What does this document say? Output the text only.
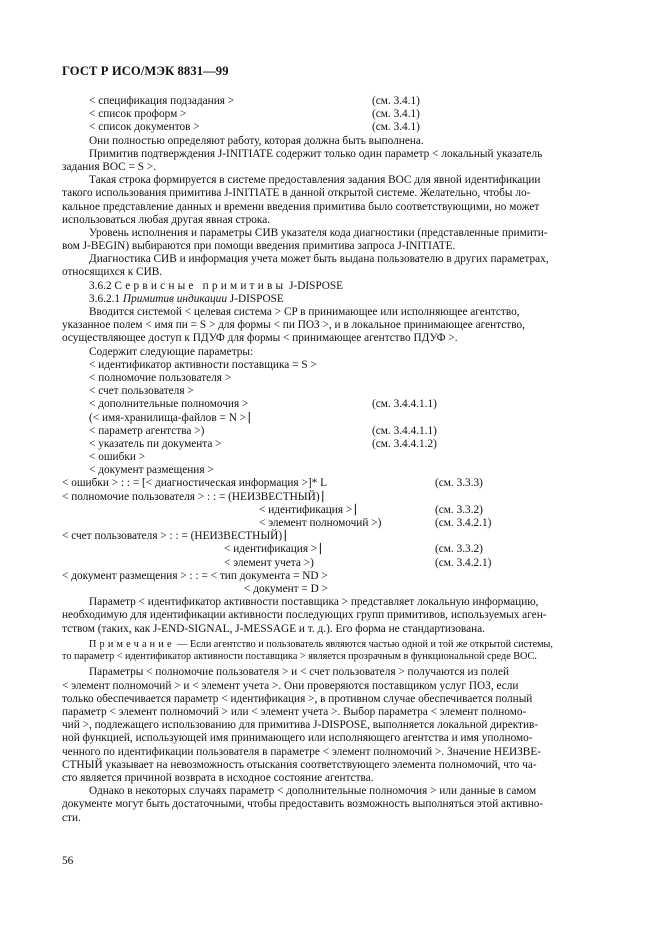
ГОСТ Р ИСО/МЭК 8831—99
< спецификация подзадания >	(см. 3.4.1)
< список проформ >	(см. 3.4.1)
< список документов >	(см. 3.4.1)
Они полностью определяют работу, которая должна быть выполнена.
Примитив подтверждения J-INITIATE содержит только один параметр < локальный указатель
задания ВОС = S >.
Такая строка формируется в системе предоставления задания ВОС для явной идентификации
такого использования примитива J-INITIATE в данной открытой системе. Желательно, чтобы ло-
кальное представление данных и времени введения примитива было соответствующими, но может
использоваться любая другая явная строка.
Уровень исполнения и параметры СИВ указателя кода диагностики (представленные примити-
вом J-BEGIN) выбираются при помощи введения примитива запроса J-INITIATE.
Диагностика СИВ и информация учета может быть выдана пользователю в других параметрах,
относящихся к СИВ.
3.6.2 Сервисные примитивы J-DISPOSE
3.6.2.1 Примитив индикации J-DISPOSE
Вводится системой < целевая система > CP в принимающее или исполняющее агентство,
указанное полем < имя пи = S > для формы < пи ПОЗ >, и в локальное принимающее агентство,
осуществляющее доступ к ПДУФ для формы < принимающее агентство ПДУФ >.
Содержит следующие параметры:
< идентификатор активности поставщика = S >
< полномочие пользователя >
< счет пользователя >
< дополнительные полномочия >	(см. 3.4.4.1.1)
(< имя-хранилища-файлов = N > ⎸
< параметр агентства >)	(см. 3.4.4.1.1)
< указатель пи документа >	(см. 3.4.4.1.2)
< ошибки >
< документ размещения >
< ошибки > : : = [< диагностическая информация >]* L	(см. 3.3.3)
< полномочие пользователя > : : = (НЕИЗВЕСТНЫЙ) ⎸
< идентификация > ⎸	(см. 3.3.2)
< элемент полномочий >)	(см. 3.4.2.1)
< счет пользователя > : : = (НЕИЗВЕСТНЫЙ) ⎸
< идентификация > ⎸	(см. 3.3.2)
< элемент учета >)	(см. 3.4.2.1)
< документ размещения > : : = < тип документа = ND >
< документ = D >
Параметр < идентификатор активности поставщика > представляет локальную информацию,
необходимую для идентификации активности последующих групп примитивов, используемых аген-
тством (таких, как J-END-SIGNAL, J-MESSAGE и т. д.). Его форма не стандартизована.
Примечание — Если агентство и пользователь являются частью одной и той же открытой системы,
то параметр < идентификатор активности поставщика > является прозрачным в функциональной среде ВОС.
Параметры < полномочие пользователя > и < счет пользователя > получаются из полей
< элемент полномочий > и < элемент учета >. Они проверяются поставщиком услуг ПОЗ, если
только обеспечивается параметр < идентификация >, в противном случае обеспечивается полный
параметр < элемент полномочий > или < элемент учета >. Выбор параметра < элемент полномо-
чий >, подлежащего использованию для примитива J-DISPOSE, выполняется локальной директив-
ной функцией, использующей имя принимающего или исполняющего агентства и имя уполномо-
ченного по идентификации пользователя в параметре < элемент полномочий >. Значение НЕИЗВЕ-
СТНЫЙ указывает на невозможность отыскания соответствующего элемента полномочий, что ча-
сто является причиной возврата в исходное состояние агентства.
Однако в некоторых случаях параметр < дополнительные полномочия > или данные в самом
документе могут быть достаточными, чтобы предоставить возможность выполняться этой активно-
сти.
56
